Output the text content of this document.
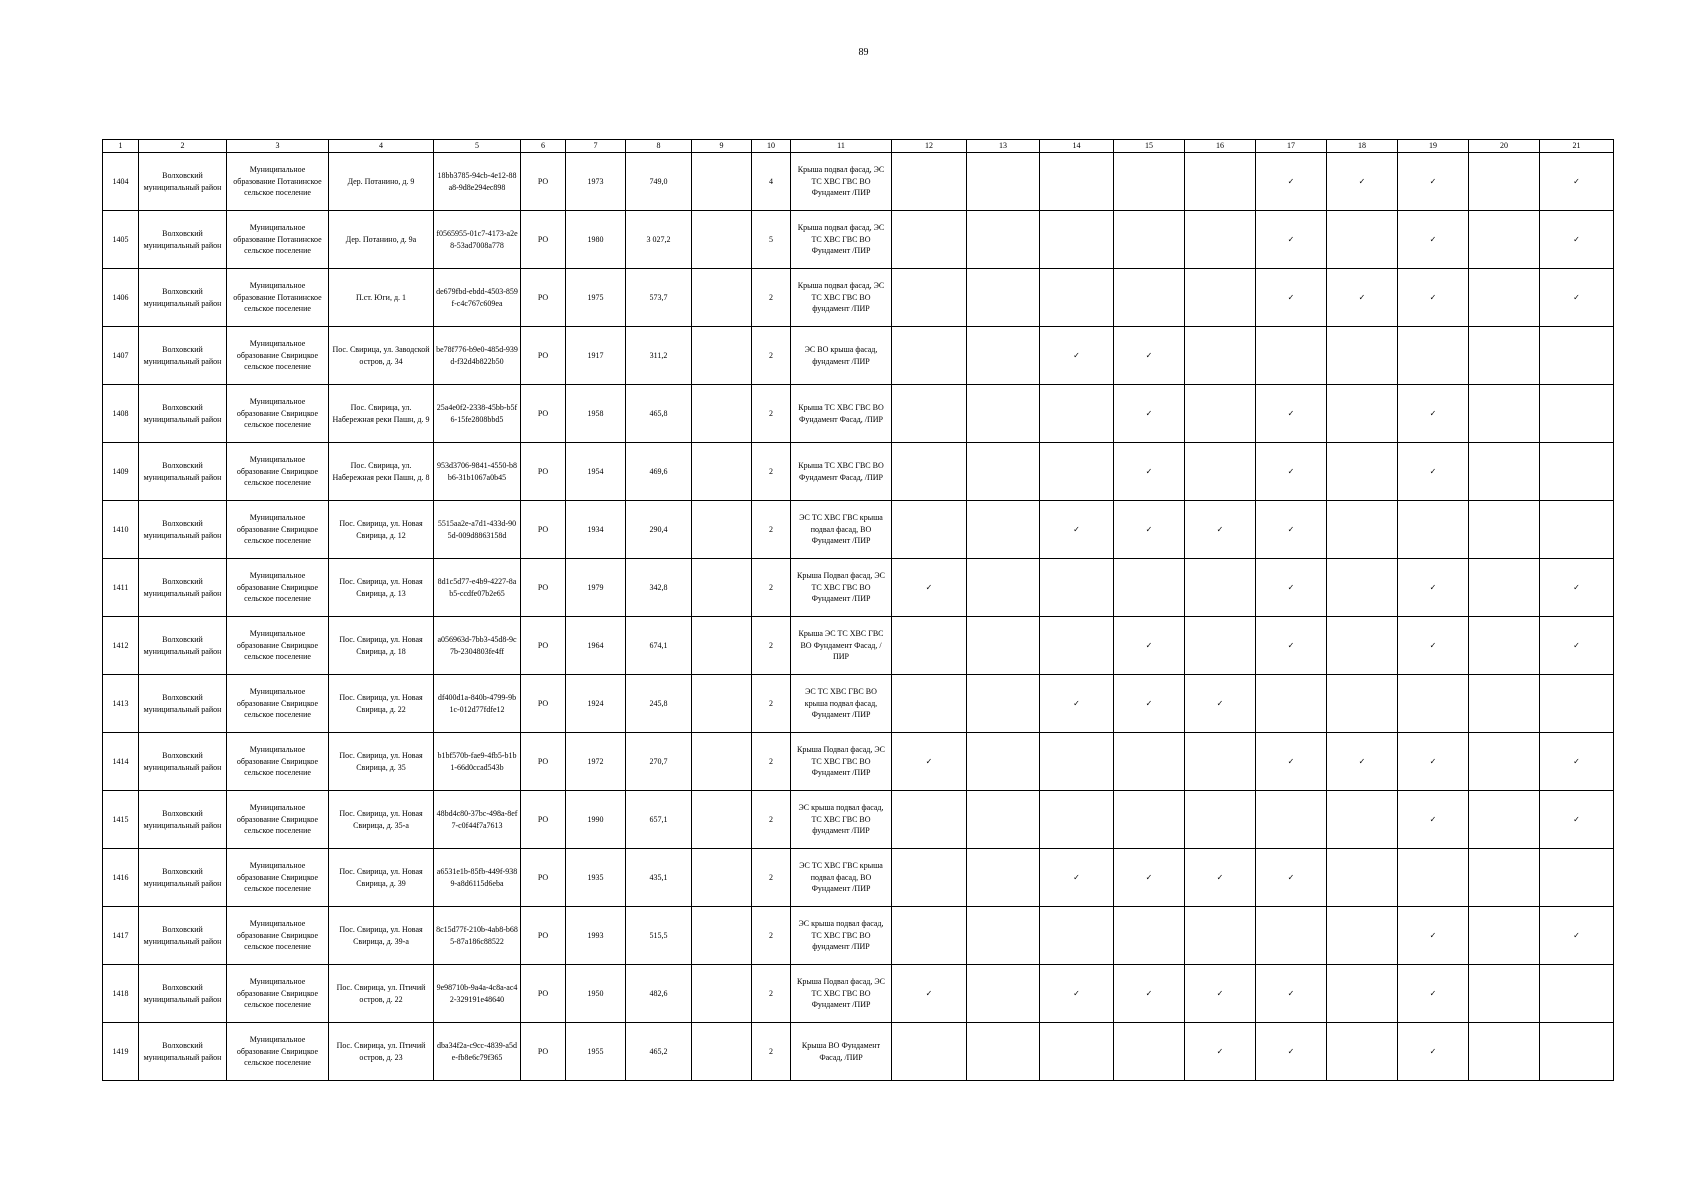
89
1	2	3	4	5	6	7	8	9	10	11	12	13	14	15	16	17	18	19	20	21
1404	Волховский муниципальный район	Муниципальное образование Потанинское сельское поселение	Дер. Потанино, д. 9	18bb3785-94cb-4e12-88a8-9d8e294ec898	РО	1973	749,0		4	Крыша подвал фасад, ЭС ТС ХВС ГВС ВО Фундамент /ПИР						✓	✓	✓		✓
1405	Волховский муниципальный район	Муниципальное образование Потанинское сельское поселение	Дер. Потанино, д. 9а	f0565955-01c7-4173-a2e8-53ad7008a778	РО	1980	3 027,2		5	Крыша подвал фасад, ЭС ТС ХВС ГВС ВО Фундамент /ПИР						✓		✓		✓
1406	Волховский муниципальный район	Муниципальное образование Потанинское сельское поселение	П.ст. Юги, д. 1	de679fbd-ebdd-4503-859f-c4c767c609ea	РО	1975	573,7		2	Крыша подвал фасад, ЭС ТС ХВС ГВС ВО фундамент /ПИР						✓	✓	✓		✓
1407	Волховский муниципальный район	Муниципальное образование Свирицкое сельское поселение	Пос. Свирица, ул. Заводской остров, д. 34	be78f776-b9e0-485d-939d-f32d4b822b50	РО	1917	311,2		2	ЭС ВО крыша фасад, фундамент /ПИР			✓	✓						
1408	Волховский муниципальный район	Муниципальное образование Свирицкое сельское поселение	Пос. Свирица, ул. Набережная реки Пашн, д. 9	25a4e0f2-2338-45bb-b5f6-15fe2808bbd5	РО	1958	465,8		2	Крыша ТС ХВС ГВС ВО Фундамент Фасад, /ПИР				✓		✓		✓		
1409	Волховский муниципальный район	Муниципальное образование Свирицкое сельское поселение	Пос. Свирица, ул. Набережная реки Пашн, д. 8	953d3706-9841-4550-b8b6-31b1067a0b45	РО	1954	469,6		2	Крыша ТС ХВС ГВС ВО Фундамент Фасад, /ПИР				✓		✓		✓		
1410	Волховский муниципальный район	Муниципальное образование Свирицкое сельское поселение	Пос. Свирица, ул. Новая Свирица, д. 12	5515aa2e-a7d1-433d-905d-009d8863158d	РО	1934	290,4		2	ЭС ТС ХВС ГВС крыша подвал фасад, ВО Фундамент /ПИР			✓	✓	✓	✓				
1411	Волховский муниципальный район	Муниципальное образование Свирицкое сельское поселение	Пос. Свирица, ул. Новая Свирица, д. 13	8d1c5d77-e4b9-4227-8ab5-ccdfe07b2e65	РО	1979	342,8		2	Крыша Подвал фасад, ЭС ТС ХВС ГВС ВО Фундамент /ПИР	✓					✓		✓		✓
1412	Волховский муниципальный район	Муниципальное образование Свирицкое сельское поселение	Пос. Свирица, ул. Новая Свирица, д. 18	a056963d-7bb3-45d8-9c7b-2304803fe4ff	РО	1964	674,1		2	Крыша ЭС ТС ХВС ГВС ВО Фундамент Фасад, /ПИР				✓		✓		✓		✓
1413	Волховский муниципальный район	Муниципальное образование Свирицкое сельское поселение	Пос. Свирица, ул. Новая Свирица, д. 22	df400d1a-840b-4799-9b1c-012d77fdfe12	РО	1924	245,8		2	ЭС ТС ХВС ГВС ВО крыша подвал фасад, Фундамент /ПИР			✓	✓	✓					
1414	Волховский муниципальный район	Муниципальное образование Свирицкое сельское поселение	Пос. Свирица, ул. Новая Свирица, д. 35	b1bf570b-fae9-4fb5-b1b1-66d0ccad543b	РО	1972	270,7		2	Крыша Подвал фасад, ЭС ТС ХВС ГВС ВО Фундамент /ПИР	✓					✓	✓	✓		✓
1415	Волховский муниципальный район	Муниципальное образование Свирицкое сельское поселение	Пос. Свирица, ул. Новая Свирица, д. 35-а	48bd4c80-37bc-498a-8ef7-c0f44f7a7613	РО	1990	657,1		2	ЭС крыша подвал фасад, ТС ХВС ГВС ВО фундамент /ПИР								✓		✓
1416	Волховский муниципальный район	Муниципальное образование Свирицкое сельское поселение	Пос. Свирица, ул. Новая Свирица, д. 39	a6531e1b-85fb-449f-9389-a8d6115d6eba	РО	1935	435,1		2	ЭС ТС ХВС ГВС крыша подвал фасад, ВО Фундамент /ПИР			✓	✓	✓	✓				
1417	Волховский муниципальный район	Муниципальное образование Свирицкое сельское поселение	Пос. Свирица, ул. Новая Свирица, д. 39-а	8c15d77f-210b-4ab8-b685-87a186c88522	РО	1993	515,5		2	ЭС крыша подвал фасад, ТС ХВС ГВС ВО фундамент /ПИР								✓		✓
1418	Волховский муниципальный район	Муниципальное образование Свирицкое сельское поселение	Пос. Свирица, ул. Птичий остров, д. 22	9e98710b-9a4a-4c8a-ac42-329191e48640	РО	1950	482,6		2	Крыша Подвал фасад, ЭС ТС ХВС ГВС ВО Фундамент /ПИР	✓		✓	✓	✓	✓		✓		
1419	Волховский муниципальный район	Муниципальное образование Свирицкое сельское поселение	Пос. Свирица, ул. Птичий остров, д. 23	dba34f2a-c9cc-4839-a5de-fb8e6c79f365	РО	1955	465,2		2	Крыша ВО Фундамент Фасад, /ПИР					✓	✓		✓		
